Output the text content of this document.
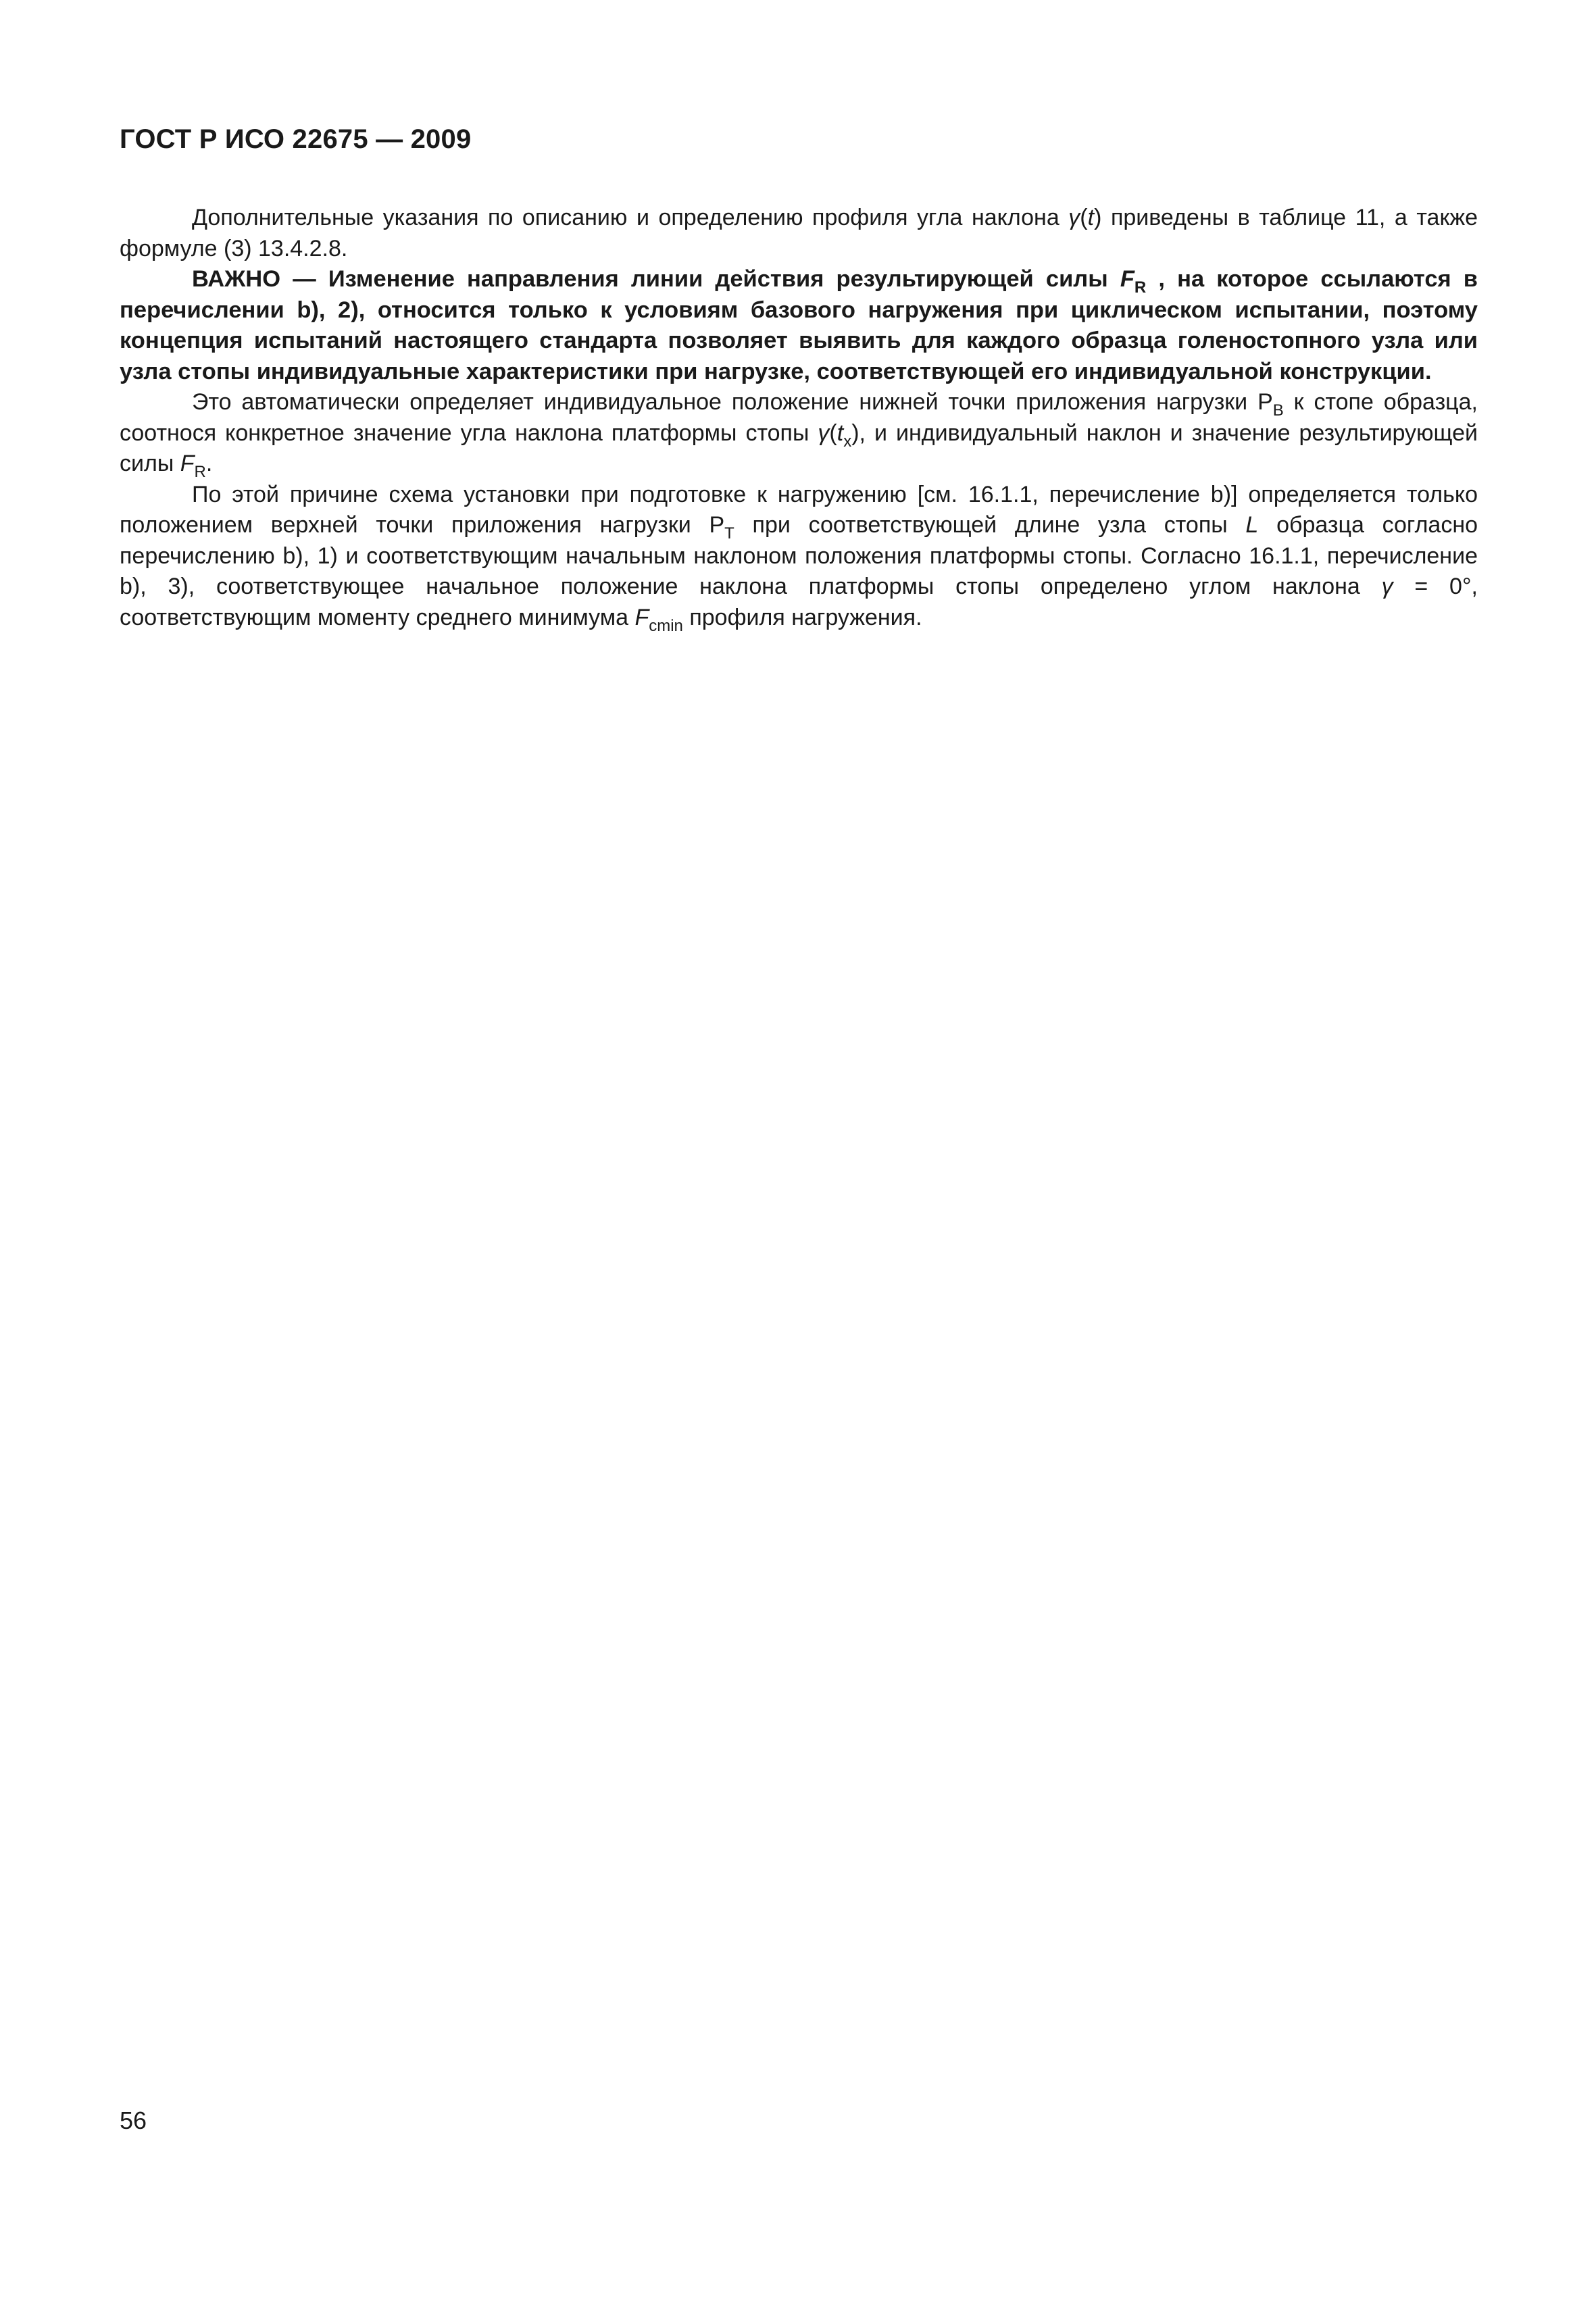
ГОСТ Р ИСО 22675 — 2009

Дополнительные указания по описанию и определению профиля угла наклона γ(t) приведены в таблице 11, а также формуле (3) 13.4.2.8.

ВАЖНО — Изменение направления линии действия результирующей силы $F_R$ , на которое ссылаются в перечислении b), 2), относится только к условиям базового нагружения при циклическом испытании, поэтому концепция испытаний настоящего стандарта позволяет выявить для каждого образца голеностопного узла или узла стопы индивидуальные характеристики при нагрузке, соответствующей его индивидуальной конструкции.

Это автоматически определяет индивидуальное положение нижней точки приложения нагрузки $P_B$ к стопе образца, соотнося конкретное значение угла наклона платформы стопы $\gamma(t_x)$, и индивидуальный наклон и значение результирующей силы $F_R$.

По этой причине схема установки при подготовке к нагружению [см. 16.1.1, перечисление b)] определяется только положением верхней точки приложения нагрузки $P_T$ при соответствующей длине узла стопы L образца согласно перечислению b), 1) и соответствующим начальным наклоном положения платформы стопы. Согласно 16.1.1, перечисление b), 3), соответствующее начальное положение наклона платформы стопы определено углом наклона γ = 0°, соответствующим моменту среднего минимума $F_{cmin}$ профиля нагружения.

56
